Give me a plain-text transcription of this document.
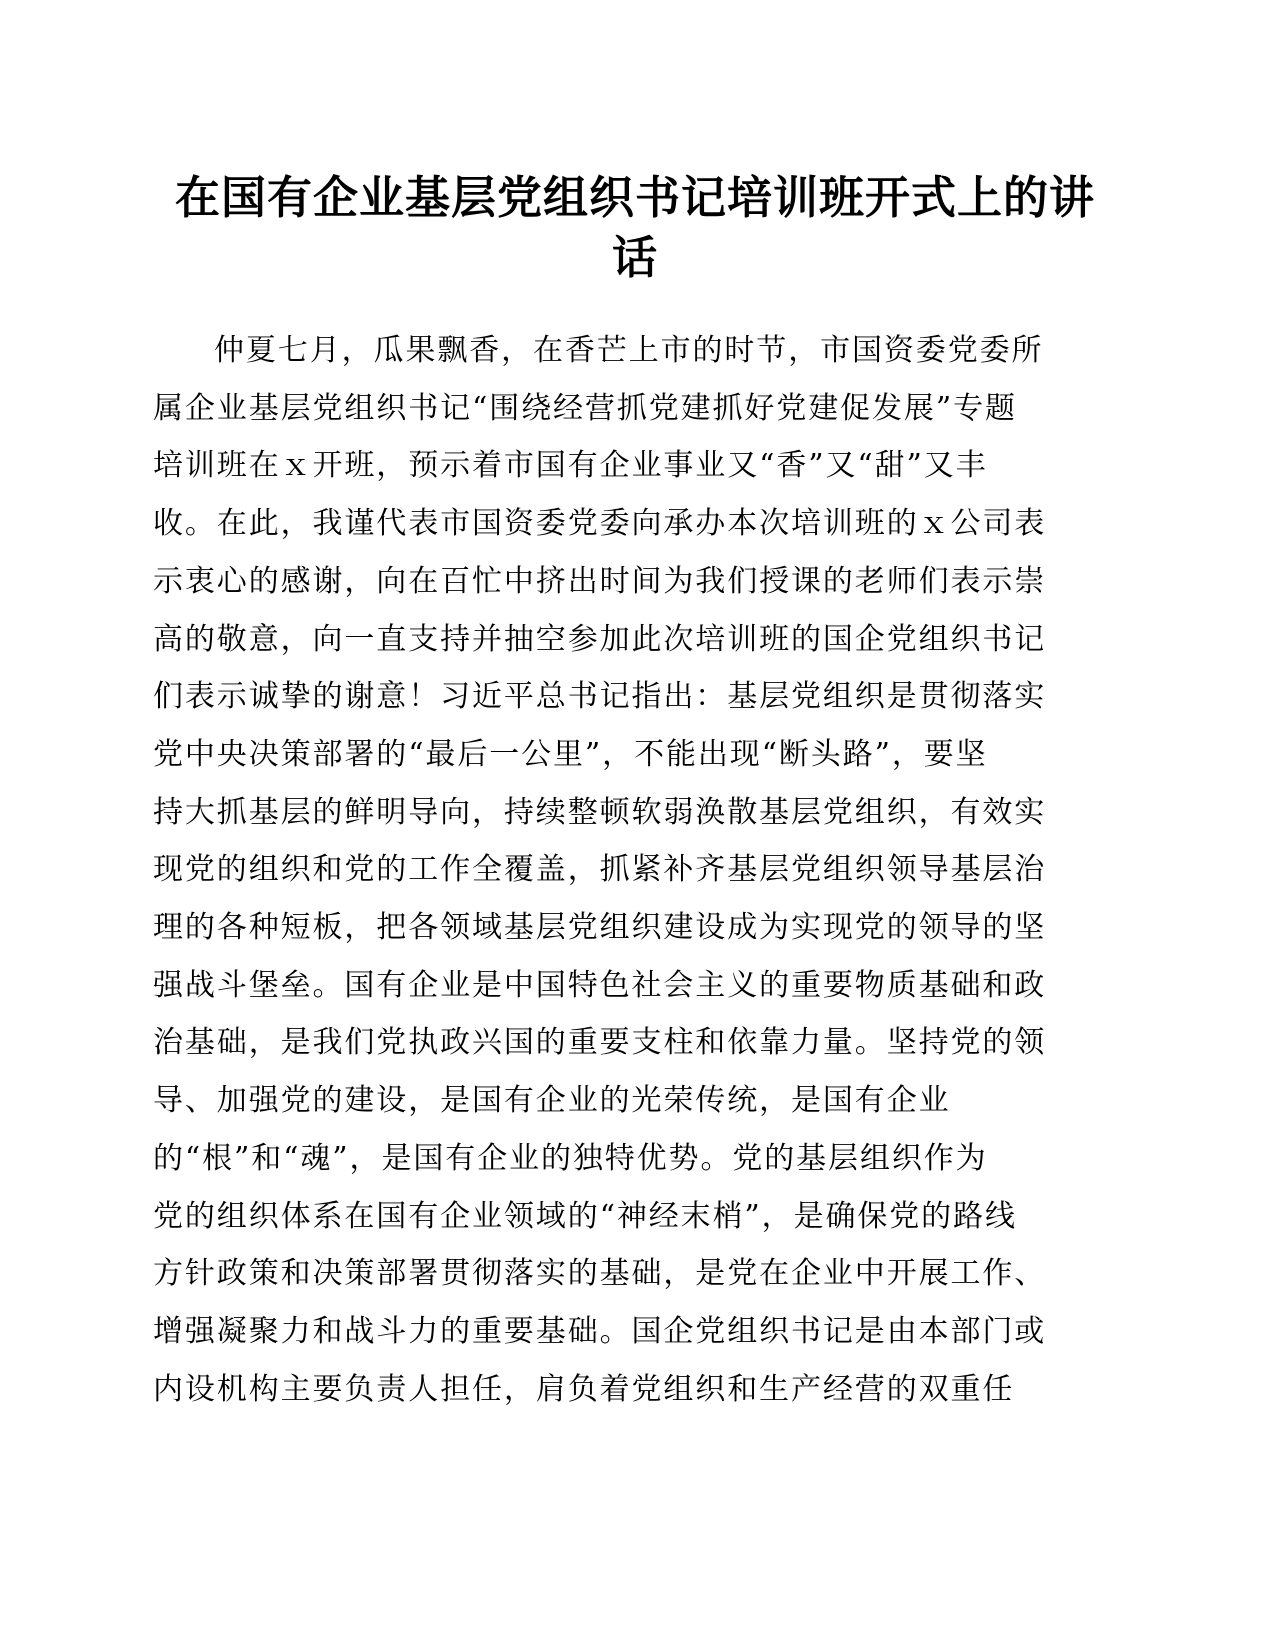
在国有企业基层党组织书记培训班开式上的讲
话
仲夏七月，瓜果飘香，在香芒上市的时节，市国资委党委所
属企业基层党组织书记“围绕经营抓党建抓好党建促发展”专题
培训班在ｘ开班，预示着市国有企业事业又“香”又“甜”又丰
收。在此，我谨代表市国资委党委向承办本次培训班的ｘ公司表
示衷心的感谢，向在百忙中挤出时间为我们授课的老师们表示崇
高的敬意，向一直支持并抽空参加此次培训班的国企党组织书记
们表示诚挚的谢意！习近平总书记指出：基层党组织是贯彻落实
党中央决策部署的“最后一公里”，不能出现“断头路”，要坚
持大抓基层的鲜明导向，持续整顿软弱涣散基层党组织，有效实
现党的组织和党的工作全覆盖，抓紧补齐基层党组织领导基层治
理的各种短板，把各领域基层党组织建设成为实现党的领导的坚
强战斗堡垒。国有企业是中国特色社会主义的重要物质基础和政
治基础，是我们党执政兴国的重要支柱和依靠力量。坚持党的领
导、加强党的建设，是国有企业的光荣传统，是国有企业
的“根”和“魂”，是国有企业的独特优势。党的基层组织作为
党的组织体系在国有企业领域的“神经末梢”，是确保党的路线
方针政策和决策部署贯彻落实的基础，是党在企业中开展工作、
增强凝聚力和战斗力的重要基础。国企党组织书记是由本部门或
内设机构主要负责人担任，肩负着党组织和生产经营的双重任
